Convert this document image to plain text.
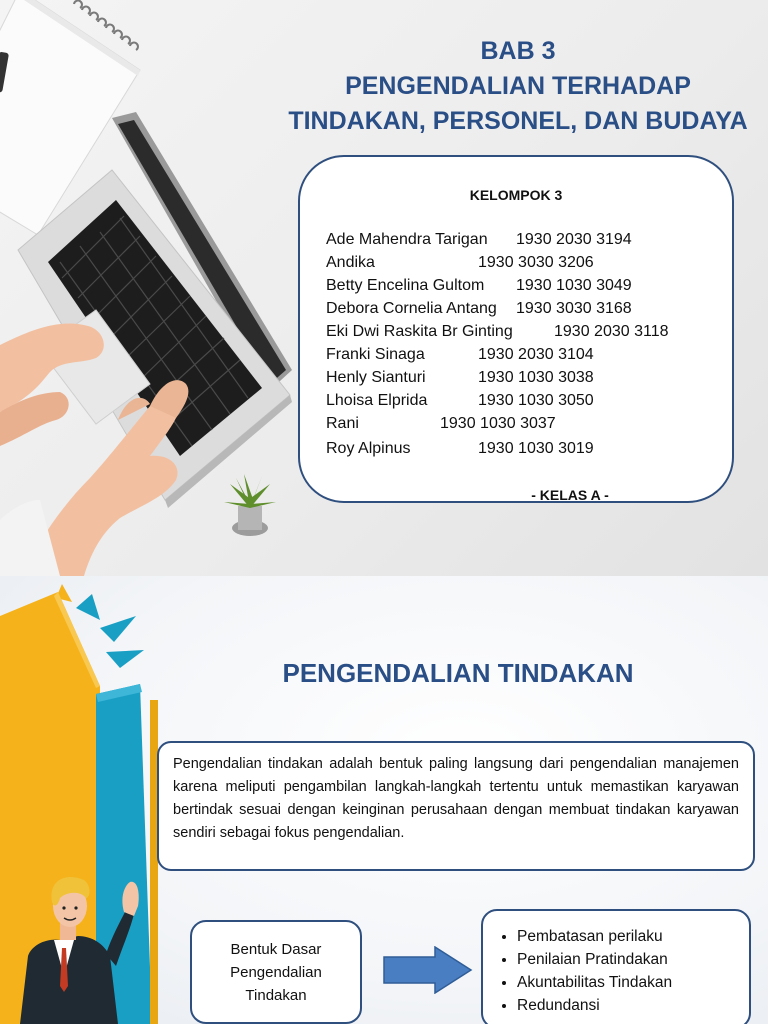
BAB 3
PENGENDALIAN TERHADAP
TINDAKAN, PERSONEL, DAN BUDAYA
KELOMPOK 3
Ade Mahendra Tarigan 1930 2030 3194
Andika	1930 3030 3206
Betty Encelina Gultom 1930 1030 3049
Debora Cornelia Antang 1930 3030 3168
Eki Dwi Raskita Br Ginting	1930 2030 3118
Franki Sinaga	1930 2030 3104
Henly Sianturi	1930 1030 3038
Lhoisa Elprida	1930 1030 3050
Rani	1930 1030 3037
Roy Alpinus	1930 1030 3019
- KELAS A -
PENGENDALIAN TINDAKAN
Pengendalian tindakan adalah bentuk paling langsung dari pengendalian manajemen karena meliputi pengambilan langkah-langkah tertentu untuk memastikan karyawan bertindak sesuai dengan keinginan perusahaan dengan membuat tindakan karyawan sendiri sebagai fokus pengendalian.
Bentuk Dasar Pengendalian Tindakan
• Pembatasan perilaku
• Penilaian Pratindakan
• Akuntabilitas Tindakan
• Redundansi
